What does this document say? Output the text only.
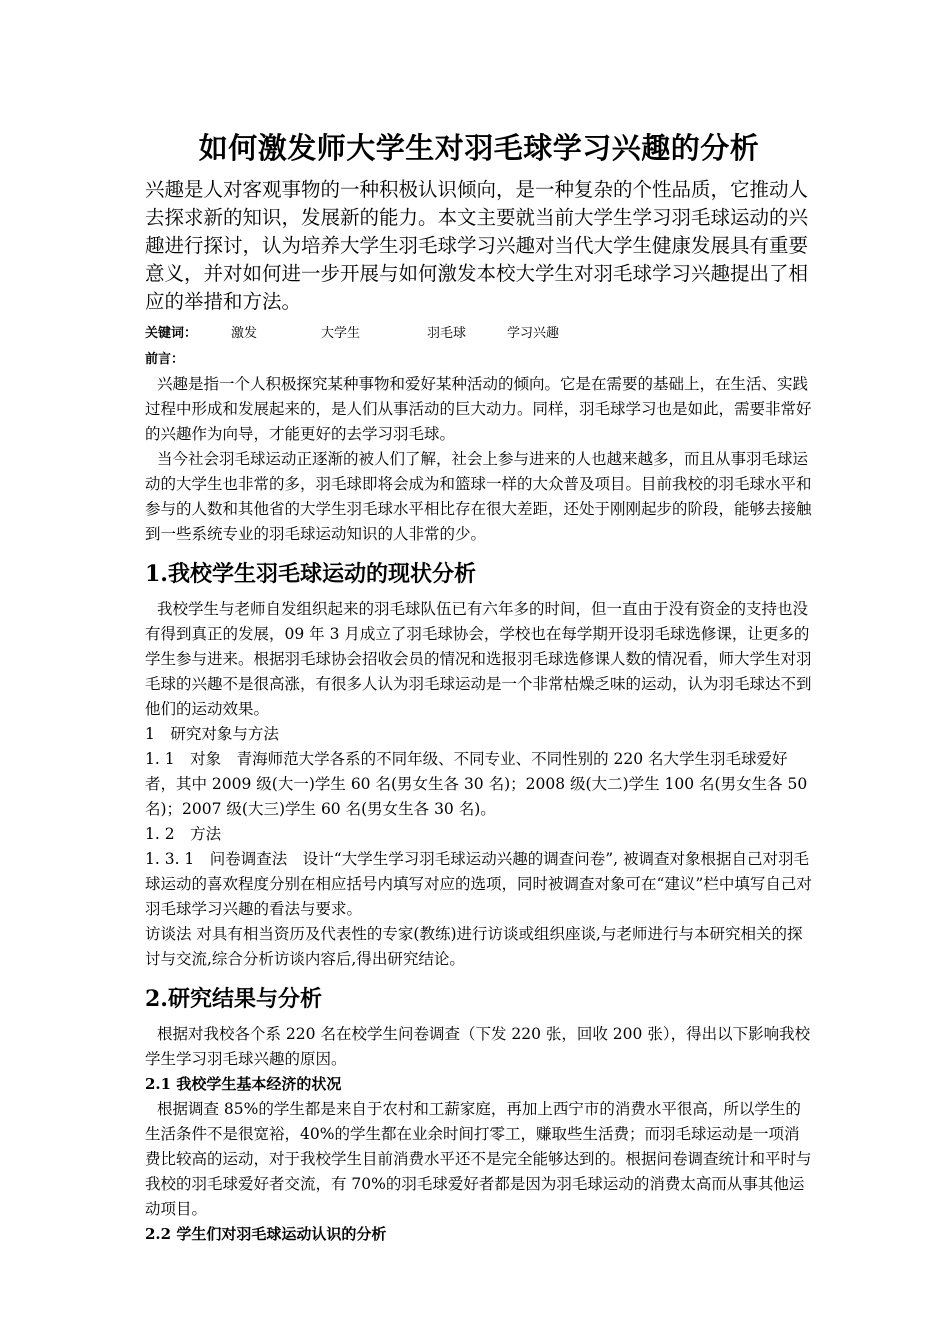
如何激发师大学生对羽毛球学习兴趣的分析

兴趣是人对客观事物的一种积极认识倾向，是一种复杂的个性品质，它推动人去探求新的知识，发展新的能力。本文主要就当前大学生学习羽毛球运动的兴趣进行探讨，认为培养大学生羽毛球学习兴趣对当代大学生健康发展具有重要意义，并对如何进一步开展与如何激发本校大学生对羽毛球学习兴趣提出了相应的举措和方法。

关键词：	激发	大学生	羽毛球	学习兴趣
前言：

兴趣是指一个人积极探究某种事物和爱好某种活动的倾向。它是在需要的基础上，在生活、实践过程中形成和发展起来的，是人们从事活动的巨大动力。同样，羽毛球学习也是如此，需要非常好的兴趣作为向导，才能更好的去学习羽毛球。

当今社会羽毛球运动正逐渐的被人们了解，社会上参与进来的人也越来越多，而且从事羽毛球运动的大学生也非常的多，羽毛球即将会成为和篮球一样的大众普及项目。目前我校的羽毛球水平和参与的人数和其他省的大学生羽毛球水平相比存在很大差距，还处于刚刚起步的阶段，能够去接触到一些系统专业的羽毛球运动知识的人非常的少。

1.我校学生羽毛球运动的现状分析

我校学生与老师自发组织起来的羽毛球队伍已有六年多的时间，但一直由于没有资金的支持也没有得到真正的发展，09 年 3 月成立了羽毛球协会，学校也在每学期开设羽毛球选修课，让更多的学生参与进来。根据羽毛球协会招收会员的情况和选报羽毛球选修课人数的情况看，师大学生对羽毛球的兴趣不是很高涨，有很多人认为羽毛球运动是一个非常枯燥乏味的运动，认为羽毛球达不到他们的运动效果。

1　研究对象与方法

1. 1　对象　青海师范大学各系的不同年级、不同专业、不同性别的 220 名大学生羽毛球爱好者，其中 2009 级(大一)学生 60 名(男女生各 30 名)；2008 级(大二)学生 100 名(男女生各 50 名)；2007 级(大三)学生 60 名(男女生各 30 名)。

1. 2　方法

1. 3. 1　问卷调查法　设计“大学生学习羽毛球运动兴趣的调查问卷”, 被调查对象根据自己对羽毛球运动的喜欢程度分别在相应括号内填写对应的选项，同时被调查对象可在“建议”栏中填写自己对羽毛球学习兴趣的看法与要求。

访谈法 对具有相当资历及代表性的专家(教练)进行访谈或组织座谈,与老师进行与本研究相关的探讨与交流,综合分析访谈内容后,得出研究结论。

2.研究结果与分析

根据对我校各个系 220 名在校学生问卷调查（下发 220 张，回收 200 张），得出以下影响我校学生学习羽毛球兴趣的原因。

2.1 我校学生基本经济的状况

根据调查 85%的学生都是来自于农村和工薪家庭，再加上西宁市的消费水平很高，所以学生的生活条件不是很宽裕，40%的学生都在业余时间打零工，赚取些生活费；而羽毛球运动是一项消费比较高的运动，对于我校学生目前消费水平还不是完全能够达到的。根据问卷调查统计和平时与我校的羽毛球爱好者交流，有 70%的羽毛球爱好者都是因为羽毛球运动的消费太高而从事其他运动项目。

2.2 学生们对羽毛球运动认识的分析
